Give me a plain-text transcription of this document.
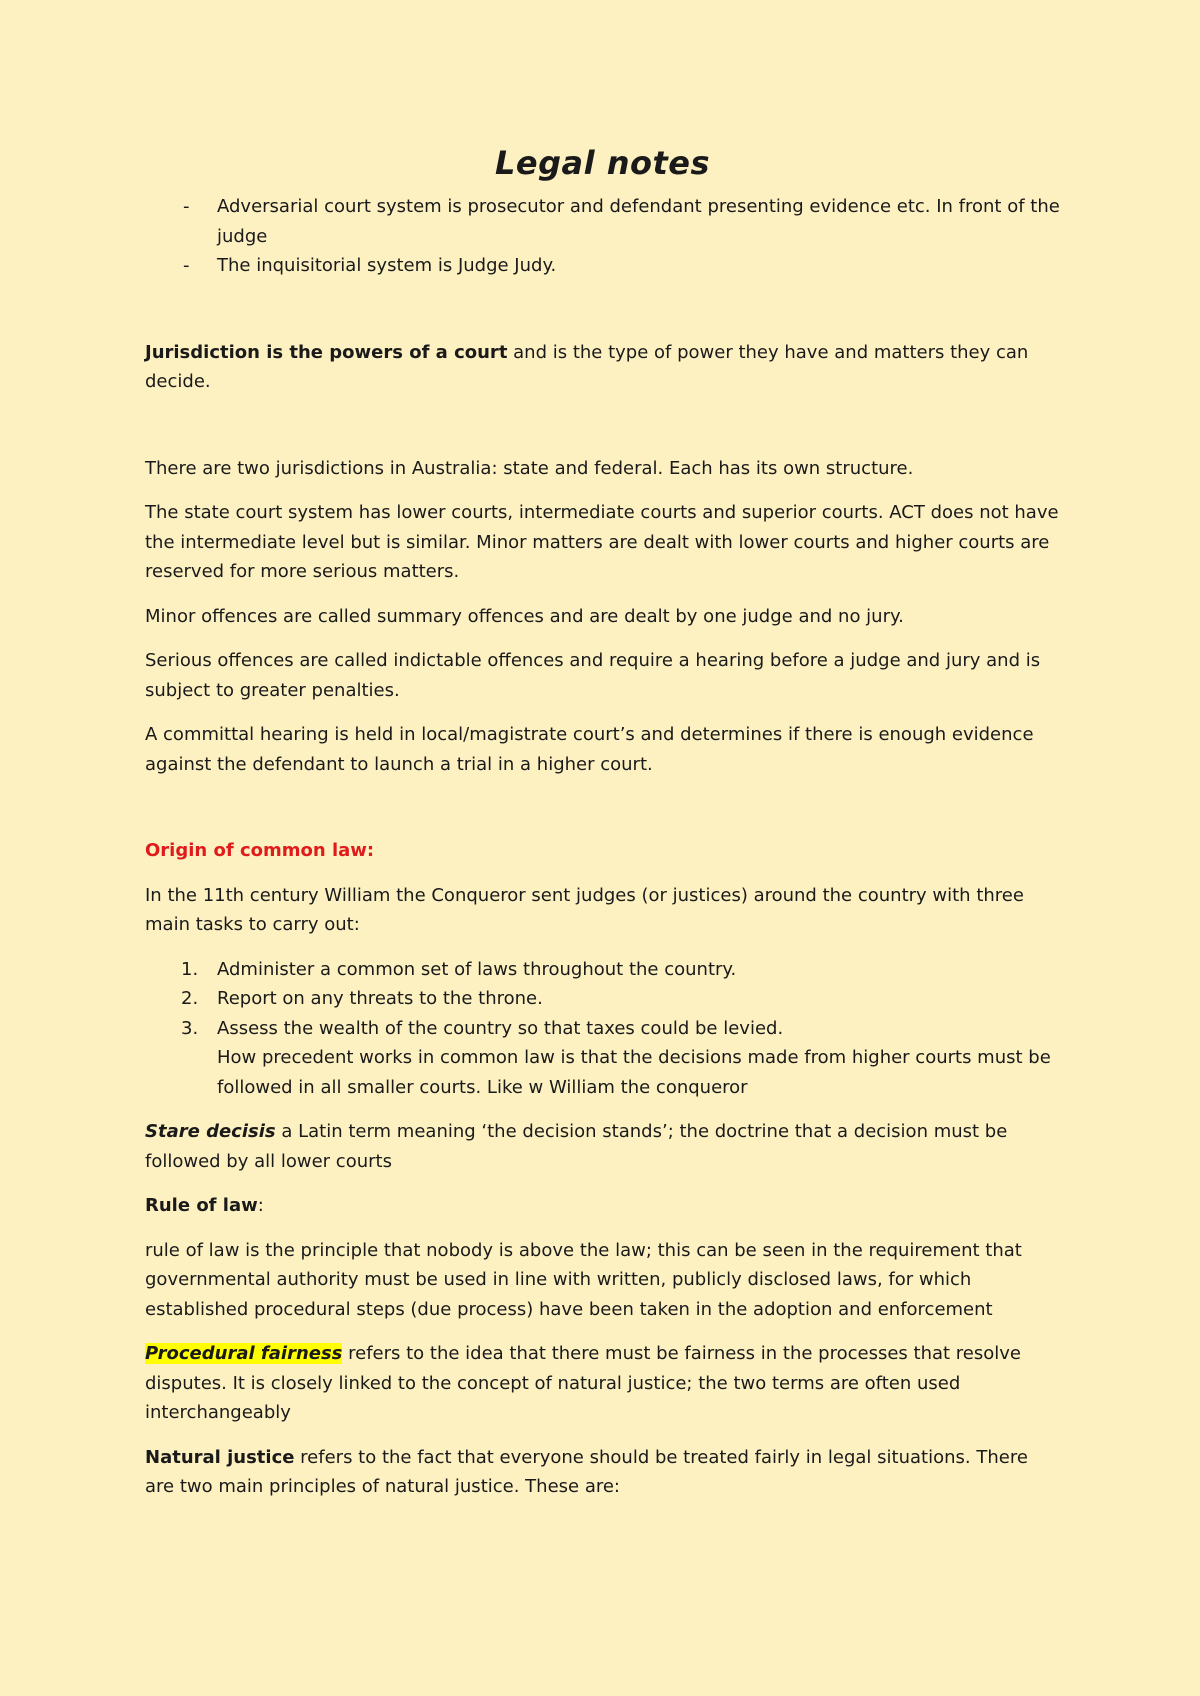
Legal notes
- Adversarial court system is prosecutor and defendant presenting evidence etc. In front of the judge
- The inquisitorial system is Judge Judy.

Jurisdiction is the powers of a court and is the type of power they have and matters they can decide.

There are two jurisdictions in Australia: state and federal. Each has its own structure.

The state court system has lower courts, intermediate courts and superior courts. ACT does not have the intermediate level but is similar. Minor matters are dealt with lower courts and higher courts are reserved for more serious matters.

Minor offences are called summary offences and are dealt by one judge and no jury.

Serious offences are called indictable offences and require a hearing before a judge and jury and is subject to greater penalties.

A committal hearing is held in local/magistrate court’s and determines if there is enough evidence against the defendant to launch a trial in a higher court.

Origin of common law:

In the 11th century William the Conqueror sent judges (or justices) around the country with three main tasks to carry out:

1. Administer a common set of laws throughout the country.
2. Report on any threats to the throne.
3. Assess the wealth of the country so that taxes could be levied.
How precedent works in common law is that the decisions made from higher courts must be followed in all smaller courts. Like w William the conqueror

Stare decisis a Latin term meaning ‘the decision stands’; the doctrine that a decision must be followed by all lower courts

Rule of law:

rule of law is the principle that nobody is above the law; this can be seen in the requirement that governmental authority must be used in line with written, publicly disclosed laws, for which established procedural steps (due process) have been taken in the adoption and enforcement

Procedural fairness refers to the idea that there must be fairness in the processes that resolve disputes. It is closely linked to the concept of natural justice; the two terms are often used interchangeably

Natural justice refers to the fact that everyone should be treated fairly in legal situations. There are two main principles of natural justice. These are:
